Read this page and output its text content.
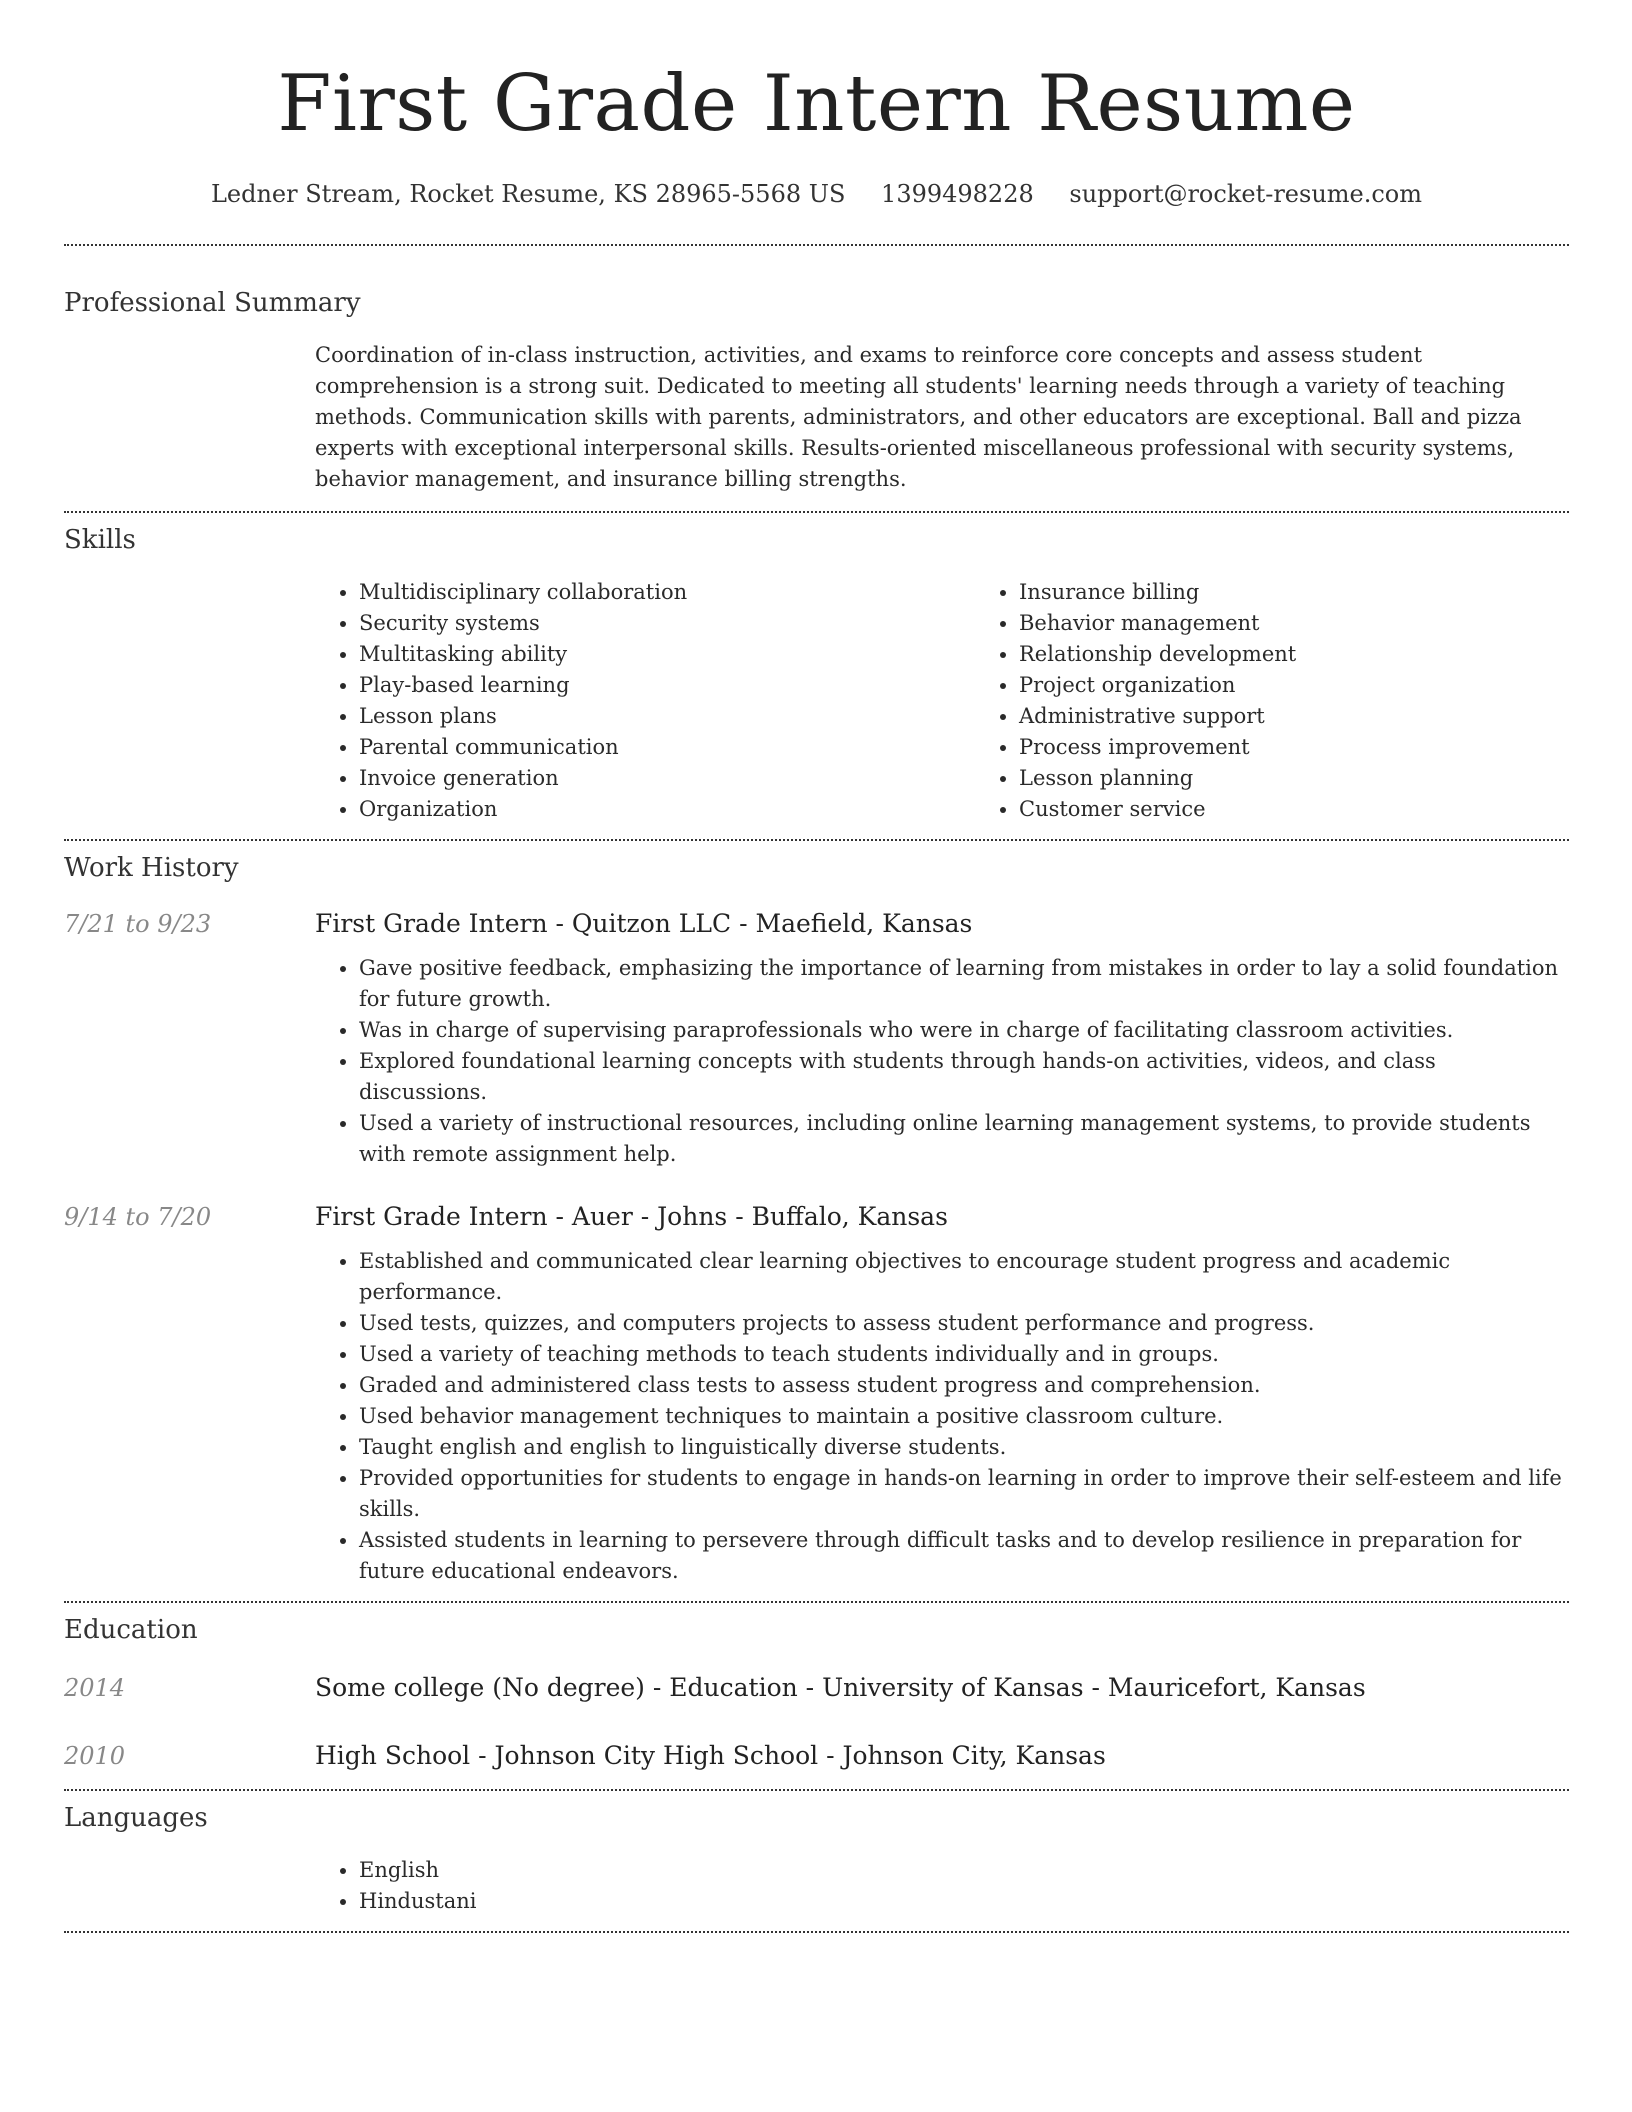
First Grade Intern Resume
Ledner Stream, Rocket Resume, KS 28965-5568 US 1399498228 support@rocket-resume.com
Professional Summary

Coordination of in-class instruction, activities, and exams to reinforce core concepts and assess student comprehension is a strong suit. Dedicated to meeting all students' learning needs through a variety of teaching methods. Communication skills with parents, administrators, and other educators are exceptional. Ball and pizza experts with exceptional interpersonal skills. Results-oriented miscellaneous professional with security systems, behavior management, and insurance billing strengths.

Skills
• Multidisciplinary collaboration
• Security systems
• Multitasking ability
• Play-based learning
• Lesson plans
• Parental communication
• Invoice generation
• Organization
• Insurance billing
• Behavior management
• Relationship development
• Project organization
• Administrative support
• Process improvement
• Lesson planning
• Customer service
Work History
7/21 to 9/23	First Grade Intern - Quitzon LLC - Maefield, Kansas
• Gave positive feedback, emphasizing the importance of learning from mistakes in order to lay a solid foundation for future growth.
• Was in charge of supervising paraprofessionals who were in charge of facilitating classroom activities.
• Explored foundational learning concepts with students through hands-on activities, videos, and class discussions.
• Used a variety of instructional resources, including online learning management systems, to provide students with remote assignment help.
9/14 to 7/20	First Grade Intern - Auer - Johns - Buffalo, Kansas
• Established and communicated clear learning objectives to encourage student progress and academic performance.
• Used tests, quizzes, and computers projects to assess student performance and progress.
• Used a variety of teaching methods to teach students individually and in groups.
• Graded and administered class tests to assess student progress and comprehension.
• Used behavior management techniques to maintain a positive classroom culture.
• Taught english and english to linguistically diverse students.
• Provided opportunities for students to engage in hands-on learning in order to improve their self-esteem and life skills.
• Assisted students in learning to persevere through difficult tasks and to develop resilience in preparation for future educational endeavors.
Education
2014	Some college (No degree) - Education - University of Kansas - Mauricefort, Kansas
2010	High School - Johnson City High School - Johnson City, Kansas
Languages
• English
• Hindustani
